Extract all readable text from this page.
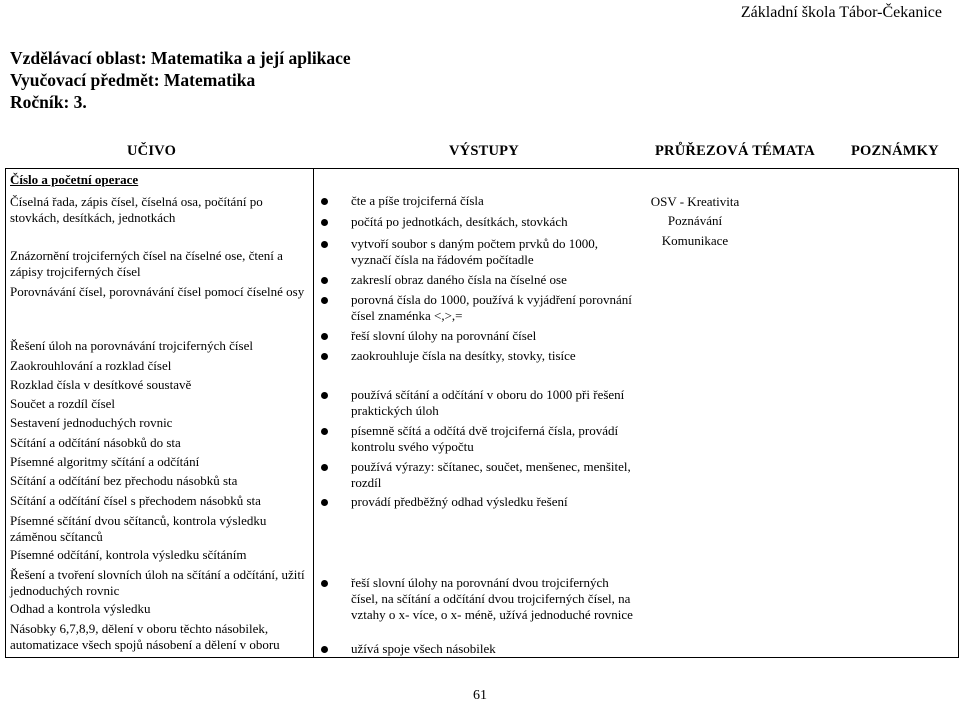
Základní škola Tábor-Čekanice
Vzdělávací oblast: Matematika a její aplikace
Vyučovací předmět: Matematika
Ročník: 3.
UČIVO	VÝSTUPY	PRŮŘEZOVÁ TÉMATA POZNÁMKY
Číslo a početní operace
Číselná řada, zápis čísel, číselná osa, počítání po stovkách, desítkách, jednotkách
Znázornění trojciferných čísel na číselné ose, čtení a zápisy trojciferných čísel
Porovnávání čísel, porovnávání čísel pomocí číselné osy
Řešení úloh na porovnávání trojciferných čísel
Zaokrouhlování a rozklad čísel
Rozklad čísla v desítkové soustavě
Součet a rozdíl čísel
Sestavení jednoduchých rovnic
Sčítání a odčítání násobků do sta
Písemné algoritmy sčítání a odčítání
Sčítání a odčítání bez přechodu násobků sta
Sčítání a odčítání čísel s přechodem násobků sta
Písemné sčítání dvou sčítanců, kontrola výsledku záměnou sčítanců
Písemné odčítání, kontrola výsledku sčítáním
Řešení a tvoření slovních úloh na sčítání a odčítání, užití jednoduchých rovnic
Odhad a kontrola výsledku
Násobky 6,7,8,9, dělení v oboru těchto násobilek, automatizace všech spojů násobení a dělení v oboru
čte a píše trojciferná čísla
počítá po jednotkách, desítkách, stovkách
vytvoří soubor s daným počtem prvků do 1000, vyznačí čísla na řádovém počítadle
zakreslí obraz daného čísla na číselné ose
porovná čísla do 1000, používá k vyjádření porovnání čísel znaménka <,>,=
řeší slovní úlohy na porovnání čísel
zaokrouhluje čísla na desítky, stovky, tisíce
používá sčítání a odčítání v oboru do 1000 při řešení praktických úloh
písemně sčítá a odčítá dvě trojciferná čísla, provádí kontrolu svého výpočtu
používá výrazy: sčítanec, součet, menšenec, menšitel, rozdíl
provádí předběžný odhad výsledku řešení
řeší slovní úlohy na porovnání dvou trojciferných čísel, na sčítání a odčítání dvou trojciferných čísel, na vztahy o x- více, o x- méně, užívá jednoduché rovnice
užívá spoje všech násobilek
OSV - Kreativita
Poznávání
Komunikace
61
